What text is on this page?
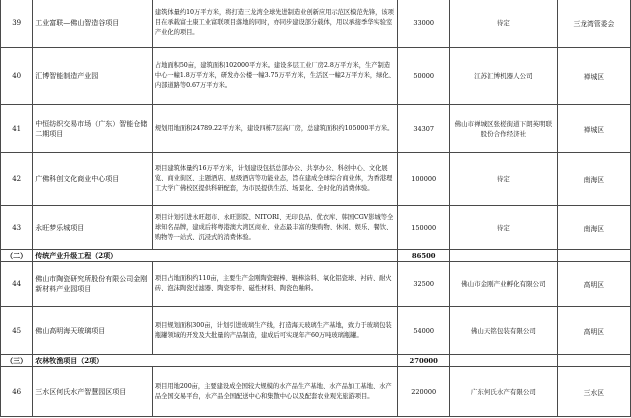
39	工业富联—佛山智造谷项目	建筑体量约10万平方米，将打造三龙湾全球先进制造业创新应用示范区模范先锋，该项目在承载富士康工业富联项目落地的同时，亦同步建设部分载体，用以承接季华实验室产业化的项目。	33000	待定	三龙湾管委会
40	汇博智能制造产业园	占地面积50亩，建筑面积102000平方米。建设多层工业厂房2.8万平方米，生产制造中心一幢1.8万平方米，研发办公楼一幢3.75万平方米，生活区一幢2万平方米，绿化、内部道路等0.67万平方米。	50000	江苏汇博机器人公司	禅城区
41	中恒纺织交易市场（广东）智能仓储二期项目	规划用地面积24789.22平方米，建设四栋7层高厂房，总建筑面积约105000平方米。	34307	佛山市禅城区张槎街道下朗英明联股份合作经济社	禅城区
42	广佛科创文化商业中心项目	项目建筑体量约16万平方米，计划建设包括总部办公、共享办公、科创中心、文化展览、商业街区、主题酒店、星级酒店等功能业态，旨在建成全球综合商业体，为香港理工大学广佛校区提供科研配套，为市民提供生活、场景化、全时化的消费体验。	100000	待定	南海区
43	永旺梦乐城项目	项目计划引进永旺超市、永旺影院、NITORI、无印良品、优衣库、韩国CGV影城等全球知名品牌，建成后将粤港澳大湾区商业、业态最丰富的集购物、休闲、娱乐、餐饮、购物等一站式、沉浸式的消费体验。	150000	待定	南海区
（二）	传统产业升级工程（2项）		86500		
44	佛山市陶瓷研究所股份有限公司金刚新材料产业园项目	项目占地面积约110亩，主要生产金刚陶瓷辊棒、辊棒涂料、氧化铝瓷球、衬砖、耐火砖、泡沫陶瓷过滤器、陶瓷零件、磁性材料、陶瓷色釉料。	32500	佛山市金刚产业孵化有限公司	高明区
45	佛山高明海天玻璃项目	项目规划面积300亩，计划引进玻璃生产线，打造海天玻璃生产基地，致力于玻璃包装瓶罐领域的开发及大批量的产品制造，建成后可实现年产60万吨玻璃瓶罐。	54000	佛山天铭包装有限公司	高明区
（三）	农林牧渔项目（2项）		270000		
46	三水区何氏水产智慧园区项目	项目用地200亩，主要建设成全国较大规模的水产品生产基地、水产品加工基地、水产品全国交易平台，水产品全国配送中心和集散中心以及配套农业观光旅游项目。	220000	广东何氏水产有限公司	三水区
